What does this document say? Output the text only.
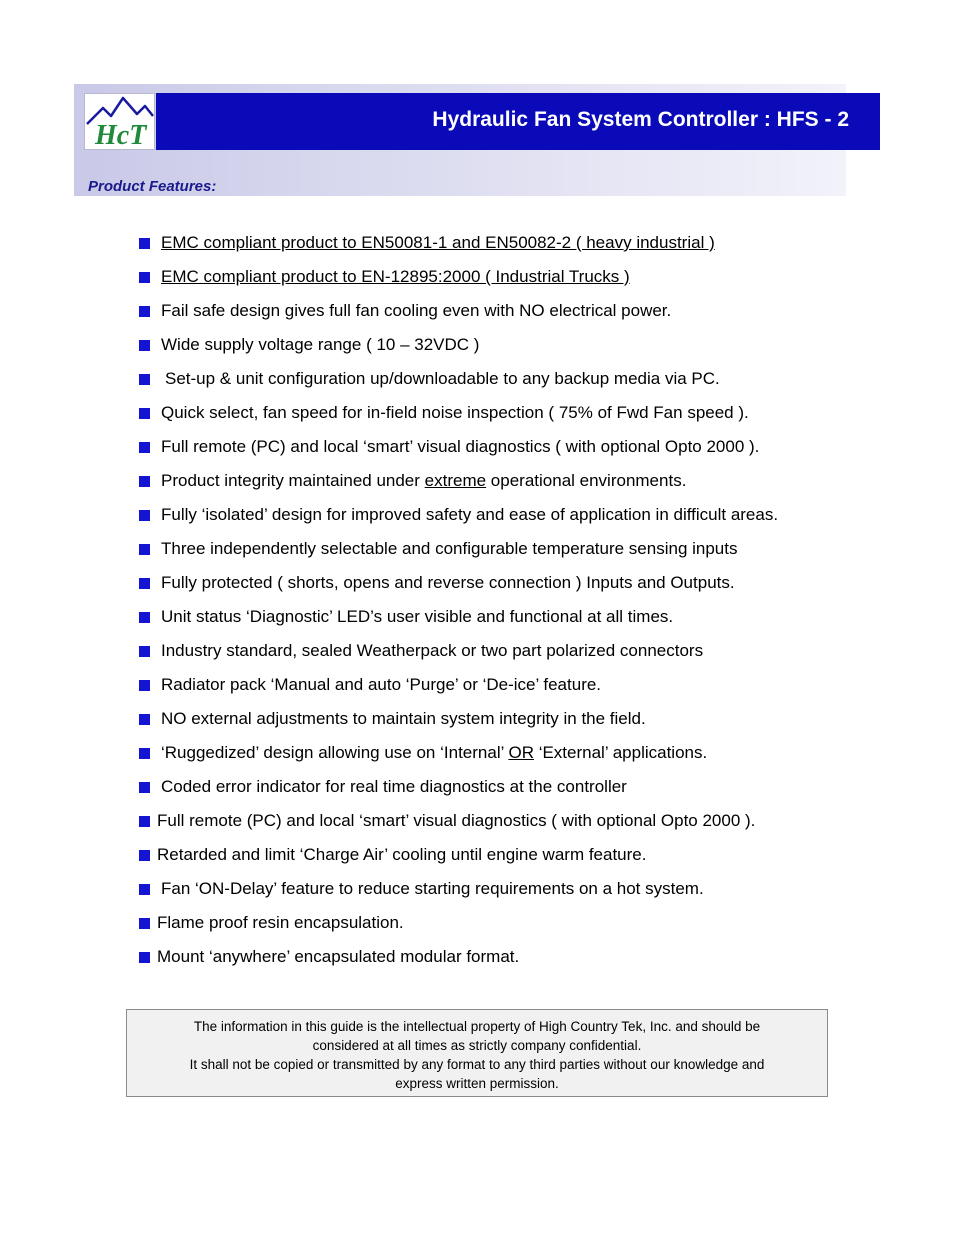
HcT
Hydraulic Fan System Controller : HFS - 2
Product Features:
EMC compliant product to EN50081-1 and EN50082-2 ( heavy industrial )
EMC compliant product to EN-12895:2000 ( Industrial Trucks )
Fail safe design gives full fan cooling even with NO electrical power.
Wide supply voltage range ( 10 – 32VDC )
Set-up & unit configuration up/downloadable to any backup media via PC.
Quick select, fan speed for in-field noise inspection ( 75% of Fwd Fan speed ).
Full remote (PC) and local ‘smart’ visual diagnostics ( with optional Opto 2000 ).
Product integrity maintained under extreme operational environments.
Fully ‘isolated’ design for improved safety and ease of application in difficult areas.
Three independently selectable and configurable temperature sensing inputs
Fully protected ( shorts, opens and reverse connection ) Inputs and Outputs.
Unit status ‘Diagnostic’ LED’s user visible and functional at all times.
Industry standard, sealed Weatherpack or two part polarized connectors
Radiator pack ‘Manual and auto ‘Purge’ or ‘De-ice’ feature.
NO external adjustments to maintain system integrity in the field.
‘Ruggedized’ design allowing use on ‘Internal’ OR ‘External’ applications.
Coded error indicator for real time diagnostics at the controller
Full remote (PC) and local ‘smart’ visual diagnostics ( with optional Opto 2000 ).
Retarded and limit ‘Charge Air’ cooling until engine warm feature.
Fan ‘ON-Delay’ feature to reduce starting requirements on a hot system.
Flame proof resin encapsulation.
Mount ‘anywhere’ encapsulated modular format.
The information in this guide is the intellectual property of High Country Tek, Inc. and should be
considered at all times as strictly company confidential.
It shall not be copied or transmitted by any format to any third parties without our knowledge and
express written permission.
